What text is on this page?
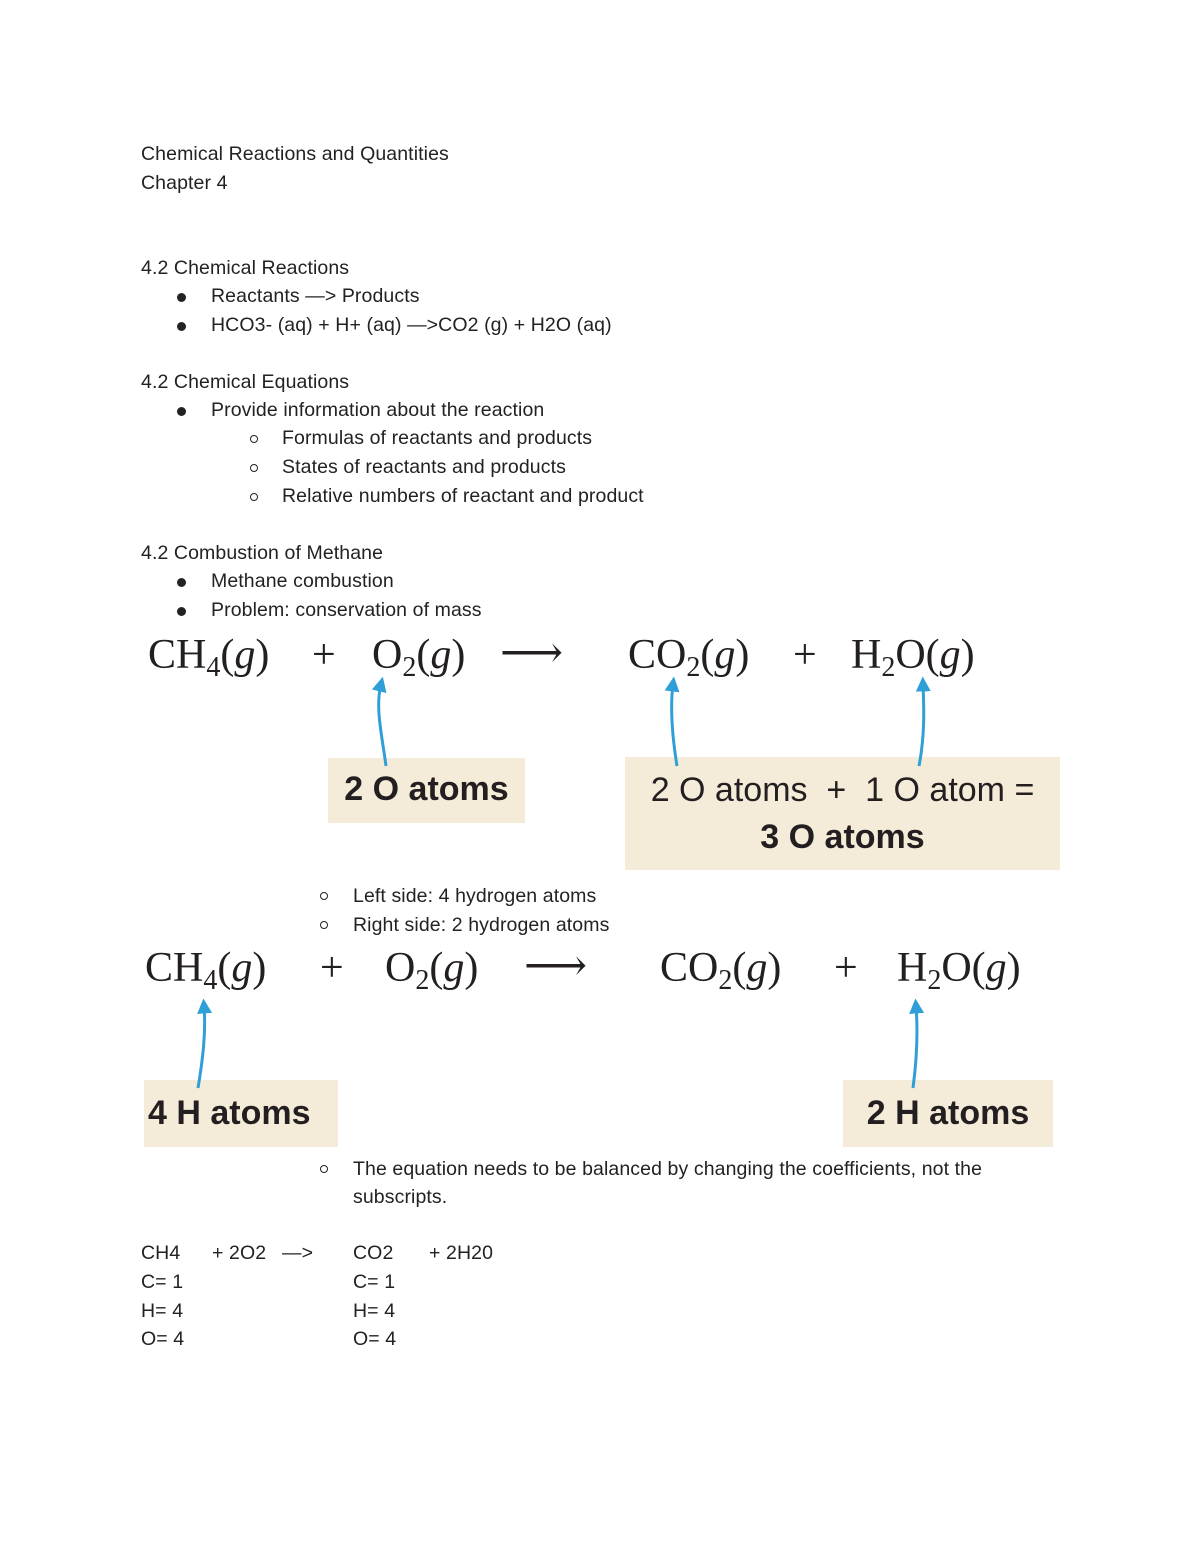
Chemical Reactions and Quantities
Chapter 4
4.2 Chemical Reactions
Reactants —> Products
HCO3- (aq) + H+ (aq) —>CO2 (g) + H2O (aq)
4.2 Chemical Equations
Provide information about the reaction
Formulas of reactants and products
States of reactants and products
Relative numbers of reactant and product
4.2 Combustion of Methane
Methane combustion
Problem: conservation of mass
$CH_4(g) + O_2(g)$ ⟶ $CO_2(g) + H_2O(g)$
2 O atoms	2 O atoms  +  1 O atom =
3 O atoms
Left side: 4 hydrogen atoms
Right side: 2 hydrogen atoms
$CH_4(g) + O_2(g)$ ⟶ $CO_2(g) + H_2O(g)$
4 H atoms	2 H atoms
The equation needs to be balanced by changing the coefficients, not the
subscripts.
CH4 + 2O2 —> CO2 + 2H20
C= 1	C= 1
H= 4	H= 4
O= 4	O= 4
